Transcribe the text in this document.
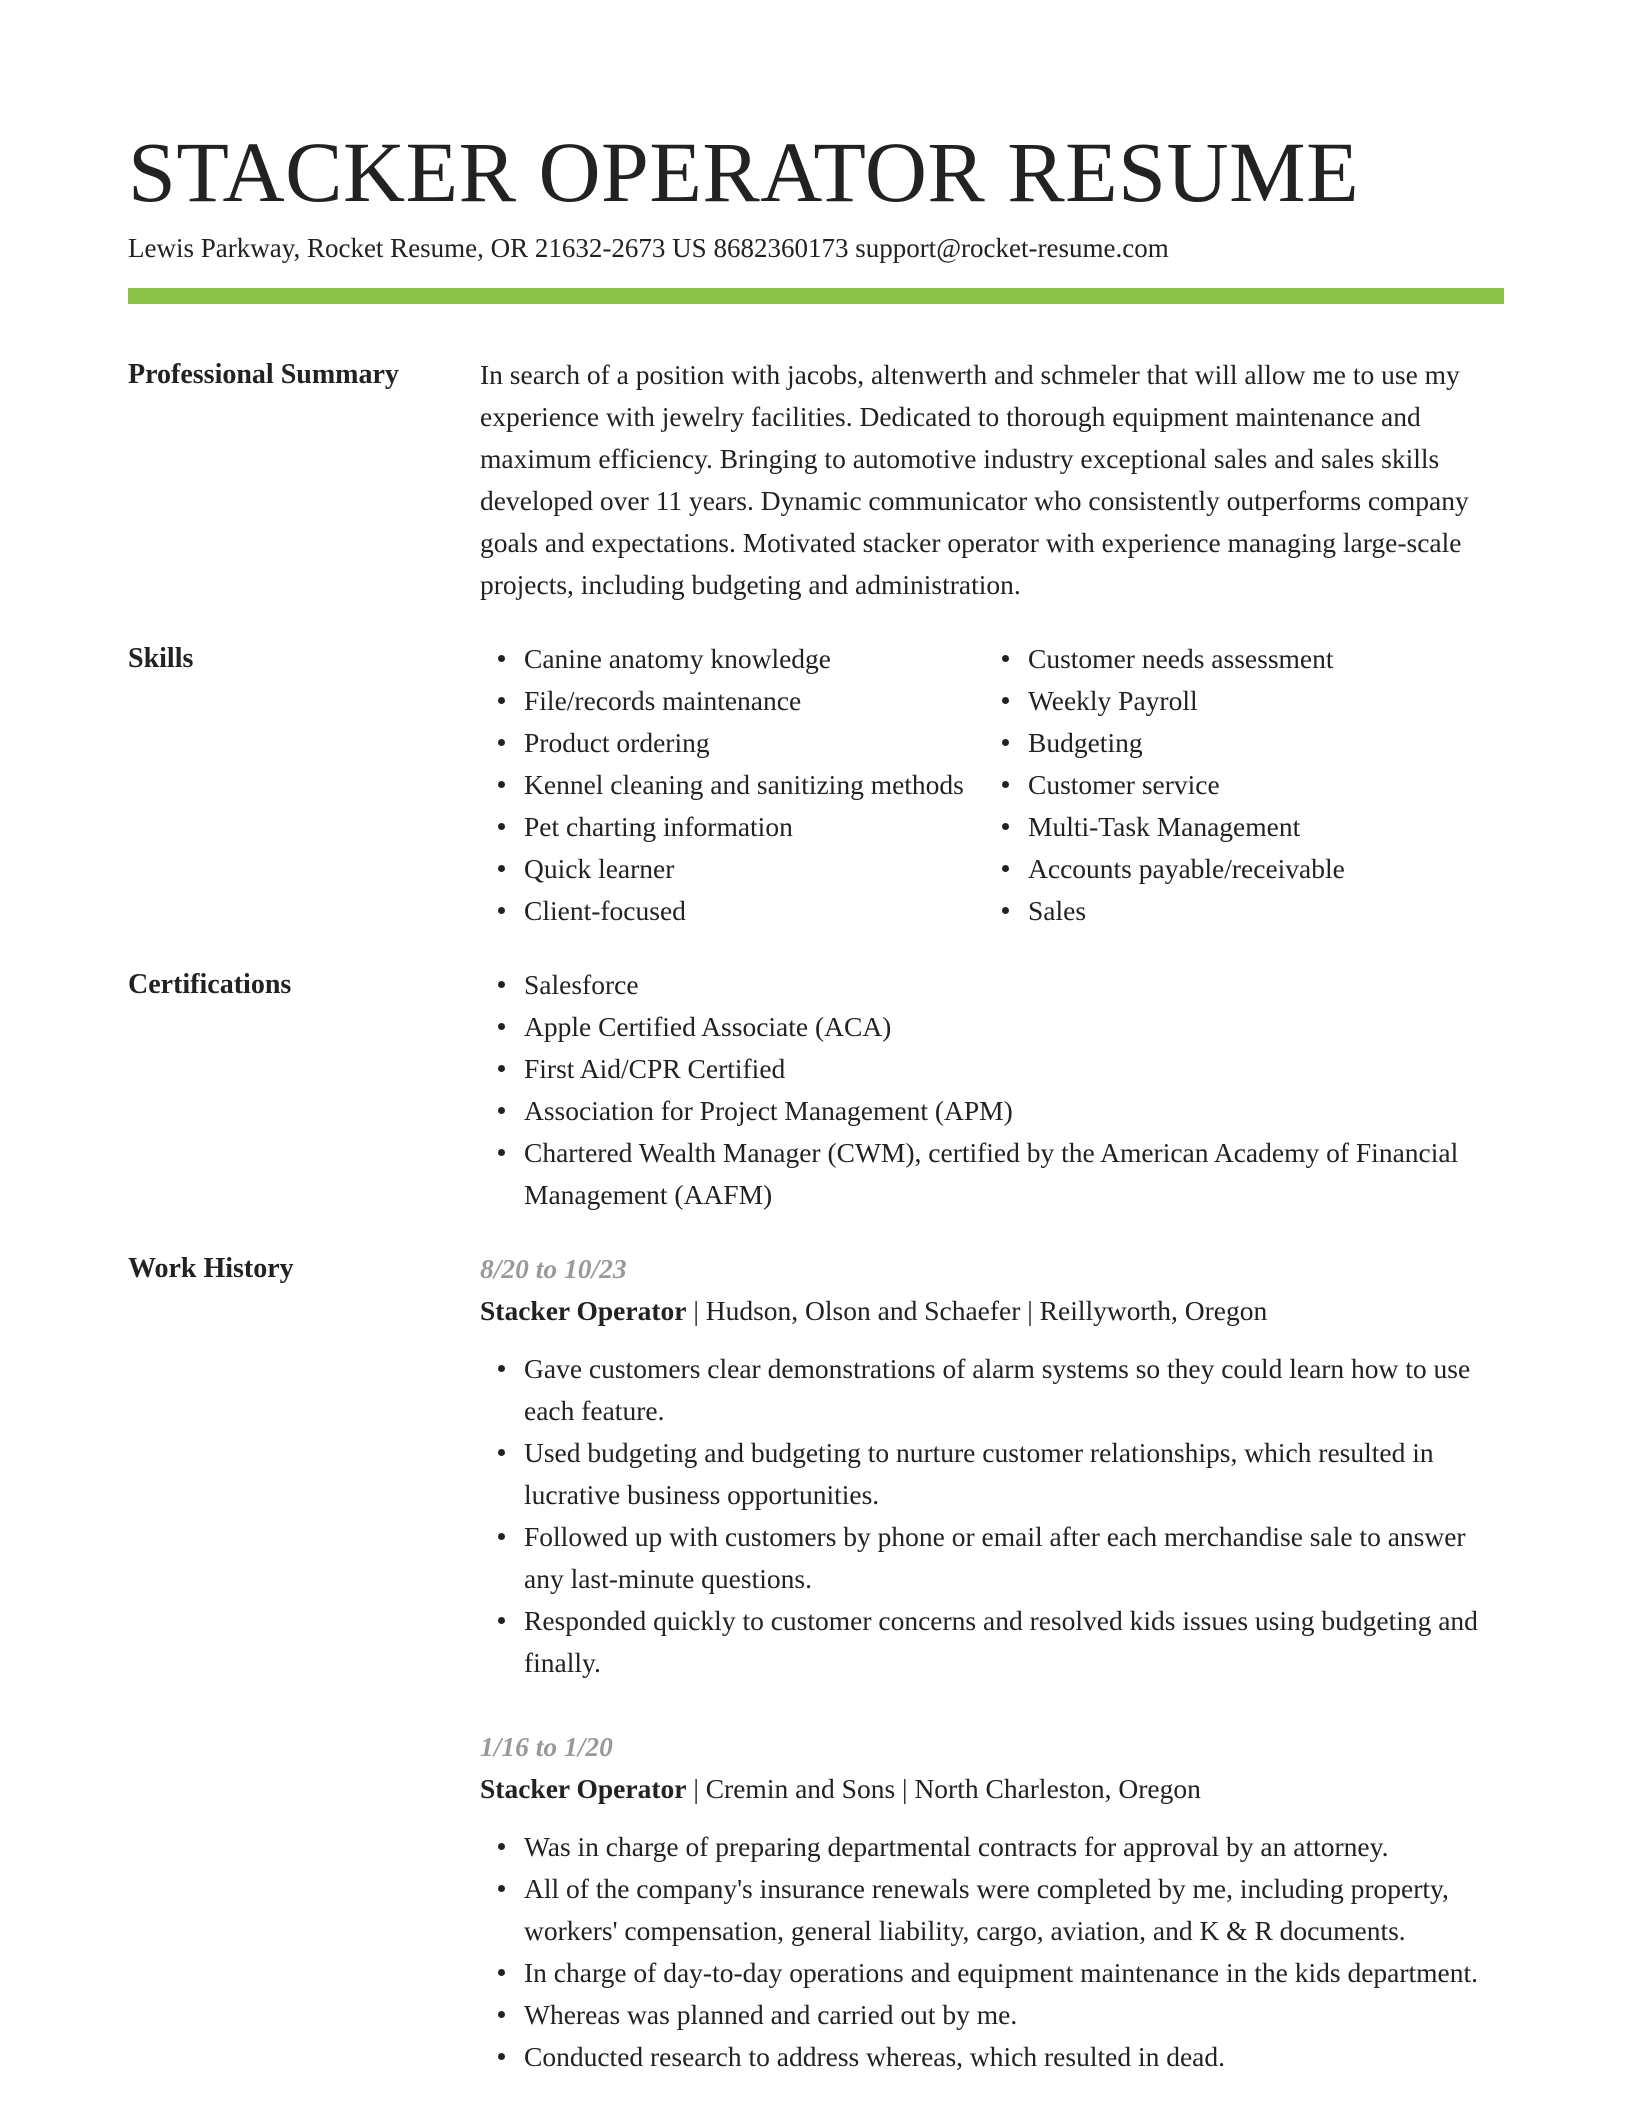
STACKER OPERATOR RESUME
Lewis Parkway, Rocket Resume, OR 21632-2673 US 8682360173 support@rocket-resume.com
Professional Summary	In search of a position with jacobs, altenwerth and schmeler that will allow me to use my experience with jewelry facilities. Dedicated to thorough equipment maintenance and maximum efficiency. Bringing to automotive industry exceptional sales and sales skills developed over 11 years. Dynamic communicator who consistently outperforms company goals and expectations. Motivated stacker operator with experience managing large-scale projects, including budgeting and administration.
Skills	Canine anatomy knowledge
File/records maintenance
Product ordering
Kennel cleaning and sanitizing methods
Pet charting information
Quick learner
Client-focused
Customer needs assessment
Weekly Payroll
Budgeting
Customer service
Multi-Task Management
Accounts payable/receivable
Sales
Certifications	Salesforce
Apple Certified Associate (ACA)
First Aid/CPR Certified
Association for Project Management (APM)
Chartered Wealth Manager (CWM), certified by the American Academy of Financial Management (AAFM)
Work History	8/20 to 10/23
Stacker Operator | Hudson, Olson and Schaefer | Reillyworth, Oregon
Gave customers clear demonstrations of alarm systems so they could learn how to use each feature.
Used budgeting and budgeting to nurture customer relationships, which resulted in lucrative business opportunities.
Followed up with customers by phone or email after each merchandise sale to answer any last-minute questions.
Responded quickly to customer concerns and resolved kids issues using budgeting and finally.
1/16 to 1/20
Stacker Operator | Cremin and Sons | North Charleston, Oregon
Was in charge of preparing departmental contracts for approval by an attorney.
All of the company's insurance renewals were completed by me, including property, workers' compensation, general liability, cargo, aviation, and K & R documents.
In charge of day-to-day operations and equipment maintenance in the kids department.
Whereas was planned and carried out by me.
Conducted research to address whereas, which resulted in dead.
